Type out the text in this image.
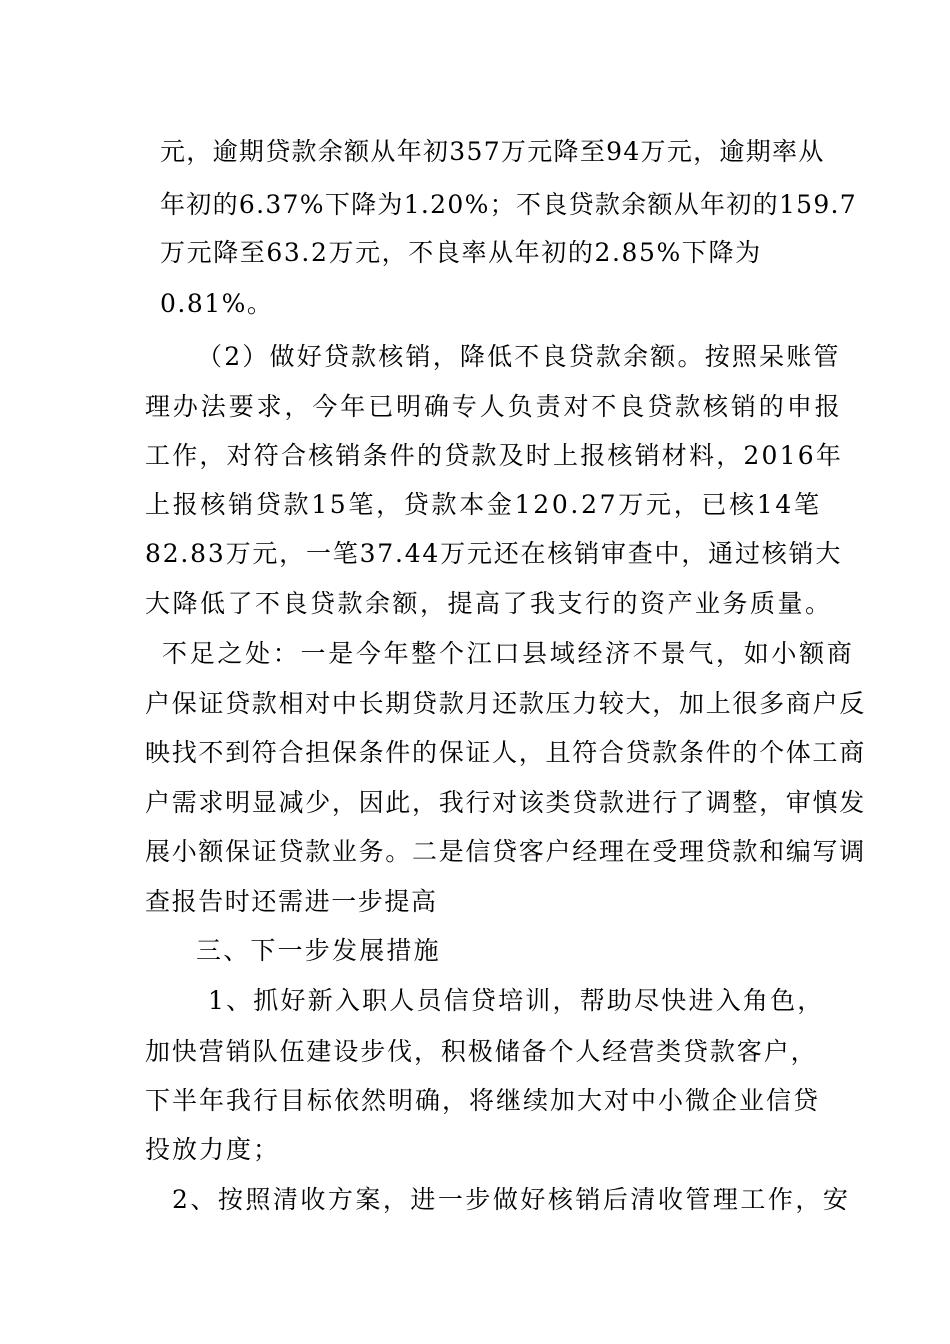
元，逾期贷款余额从年初357万元降至94万元，逾期率从

年初的6.37%下降为1.20%；不良贷款余额从年初的159.7

万元降至63.2万元，不良率从年初的2.85%下降为

0.81%。

（2）做好贷款核销，降低不良贷款余额。按照呆账管

理办法要求，今年已明确专人负责对不良贷款核销的申报

工作，对符合核销条件的贷款及时上报核销材料，2016年

上报核销贷款15笔，贷款本金120.27万元，已核14笔

82.83万元，一笔37.44万元还在核销审查中，通过核销大

大降低了不良贷款余额，提高了我支行的资产业务质量。

不足之处：一是今年整个江口县域经济不景气，如小额商

户保证贷款相对中长期贷款月还款压力较大，加上很多商户反

映找不到符合担保条件的保证人，且符合贷款条件的个体工商

户需求明显减少，因此，我行对该类贷款进行了调整，审慎发

展小额保证贷款业务。二是信贷客户经理在受理贷款和编写调

查报告时还需进一步提高

三、下一步发展措施

1、抓好新入职人员信贷培训，帮助尽快进入角色，

加快营销队伍建设步伐，积极储备个人经营类贷款客户，

下半年我行目标依然明确，将继续加大对中小微企业信贷

投放力度；

2、按照清收方案，进一步做好核销后清收管理工作，安
